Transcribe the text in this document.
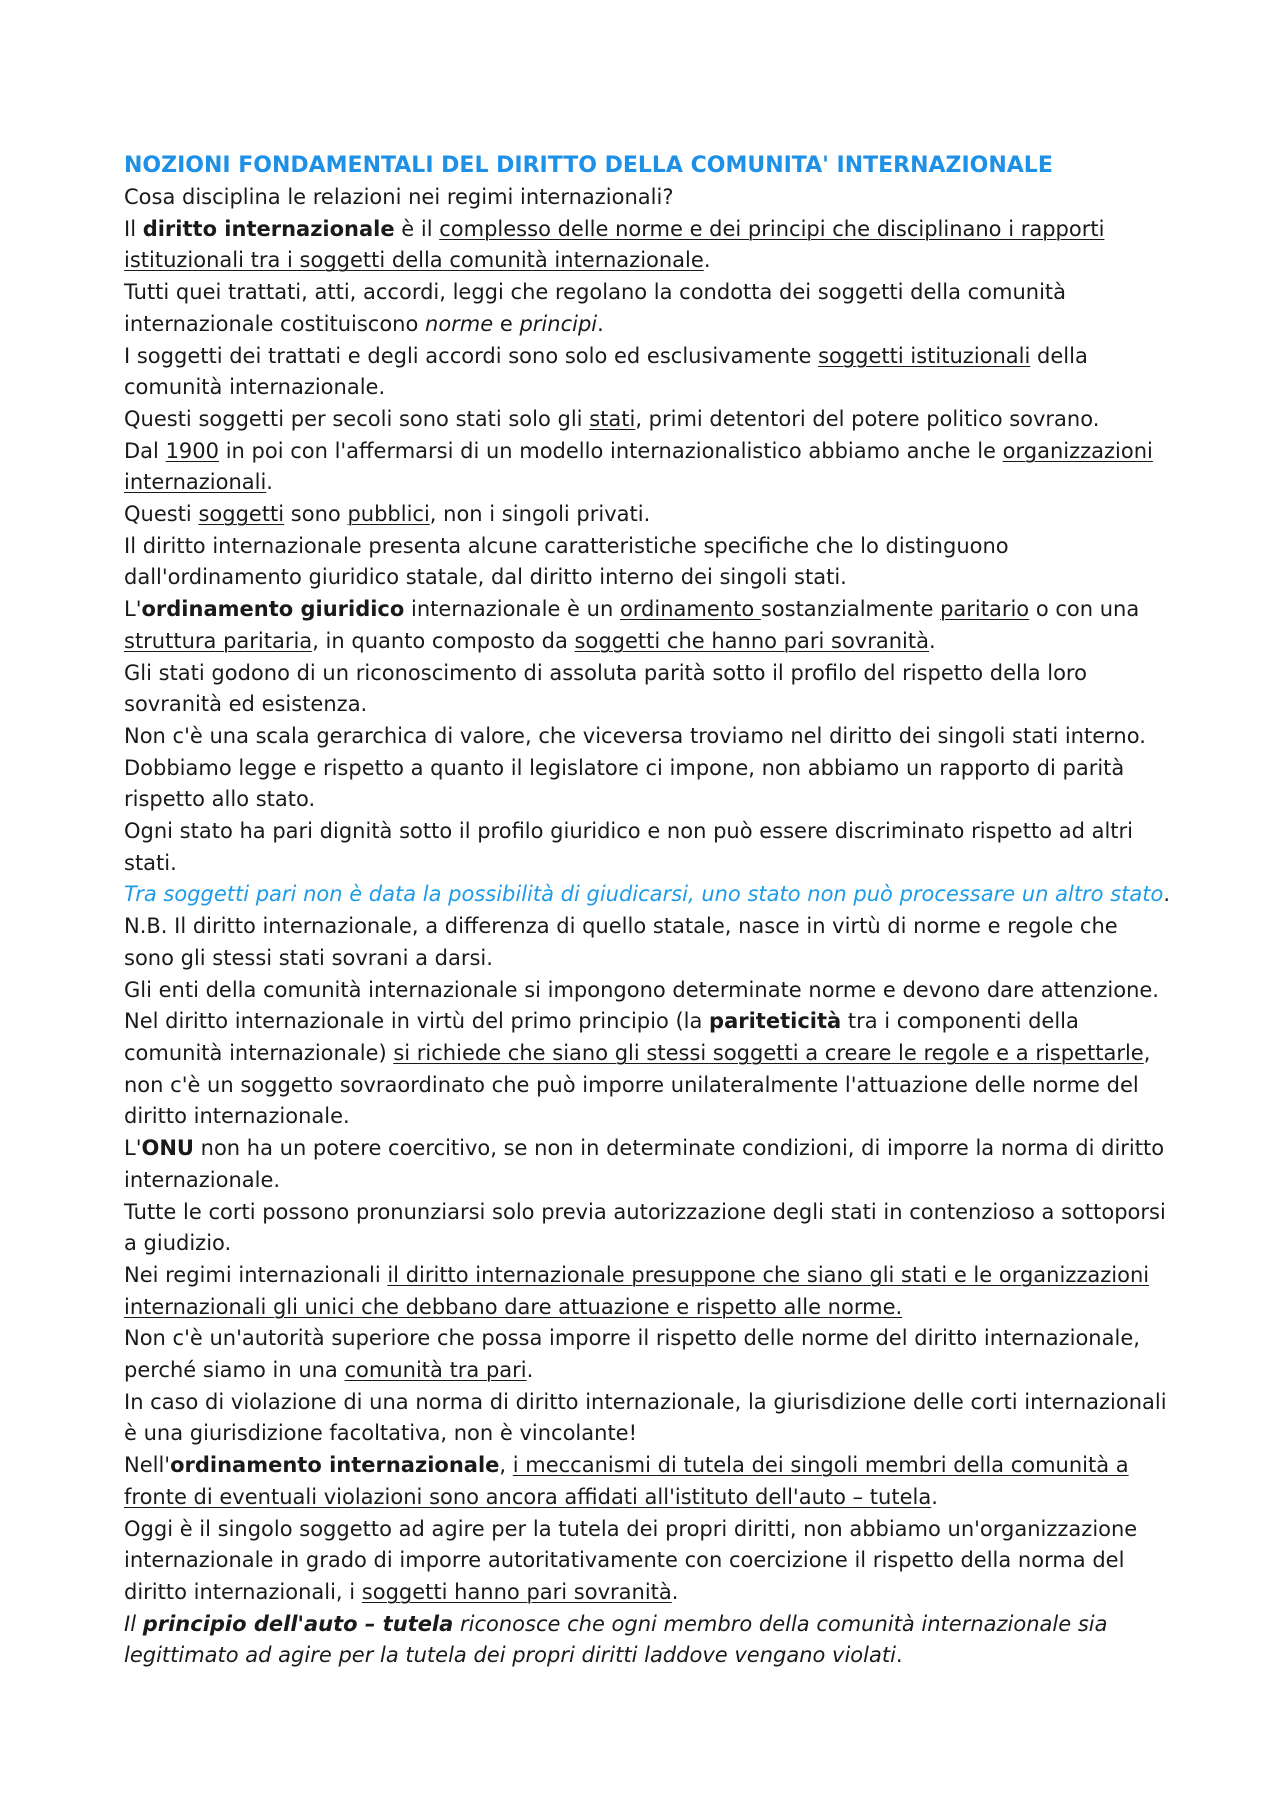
NOZIONI FONDAMENTALI DEL DIRITTO DELLA COMUNITA' INTERNAZIONALE

Cosa disciplina le relazioni nei regimi internazionali?

Il diritto internazionale è il complesso delle norme e dei principi che disciplinano i rapporti istituzionali tra i soggetti della comunità internazionale.

Tutti quei trattati, atti, accordi, leggi che regolano la condotta dei soggetti della comunità internazionale costituiscono norme e principi.

I soggetti dei trattati e degli accordi sono solo ed esclusivamente soggetti istituzionali della comunità internazionale.

Questi soggetti per secoli sono stati solo gli stati, primi detentori del potere politico sovrano.

Dal 1900 in poi con l'affermarsi di un modello internazionalistico abbiamo anche le organizzazioni internazionali.

Questi soggetti sono pubblici, non i singoli privati.

Il diritto internazionale presenta alcune caratteristiche specifiche che lo distinguono dall'ordinamento giuridico statale, dal diritto interno dei singoli stati.

L'ordinamento giuridico internazionale è un ordinamento sostanzialmente paritario o con una struttura paritaria, in quanto composto da soggetti che hanno pari sovranità.

Gli stati godono di un riconoscimento di assoluta parità sotto il profilo del rispetto della loro sovranità ed esistenza.

Non c'è una scala gerarchica di valore, che viceversa troviamo nel diritto dei singoli stati interno.

Dobbiamo legge e rispetto a quanto il legislatore ci impone, non abbiamo un rapporto di parità rispetto allo stato.

Ogni stato ha pari dignità sotto il profilo giuridico e non può essere discriminato rispetto ad altri stati.

Tra soggetti pari non è data la possibilità di giudicarsi, uno stato non può processare un altro stato.

N.B. Il diritto internazionale, a differenza di quello statale, nasce in virtù di norme e regole che sono gli stessi stati sovrani a darsi.

Gli enti della comunità internazionale si impongono determinate norme e devono dare attenzione.

Nel diritto internazionale in virtù del primo principio (la pariteticità tra i componenti della comunità internazionale) si richiede che siano gli stessi soggetti a creare le regole e a rispettarle, non c'è un soggetto sovraordinato che può imporre unilateralmente l'attuazione delle norme del diritto internazionale.

L'ONU non ha un potere coercitivo, se non in determinate condizioni, di imporre la norma di diritto internazionale.

Tutte le corti possono pronunziarsi solo previa autorizzazione degli stati in contenzioso a sottoporsi a giudizio.

Nei regimi internazionali il diritto internazionale presuppone che siano gli stati e le organizzazioni internazionali gli unici che debbano dare attuazione e rispetto alle norme.

Non c'è un'autorità superiore che possa imporre il rispetto delle norme del diritto internazionale, perché siamo in una comunità tra pari.

In caso di violazione di una norma di diritto internazionale, la giurisdizione delle corti internazionali è una giurisdizione facoltativa, non è vincolante!

Nell'ordinamento internazionale, i meccanismi di tutela dei singoli membri della comunità a fronte di eventuali violazioni sono ancora affidati all'istituto dell'auto – tutela.

Oggi è il singolo soggetto ad agire per la tutela dei propri diritti, non abbiamo un'organizzazione internazionale in grado di imporre autoritativamente con coercizione il rispetto della norma del diritto internazionali, i soggetti hanno pari sovranità.

Il principio dell'auto – tutela riconosce che ogni membro della comunità internazionale sia legittimato ad agire per la tutela dei propri diritti laddove vengano violati.
